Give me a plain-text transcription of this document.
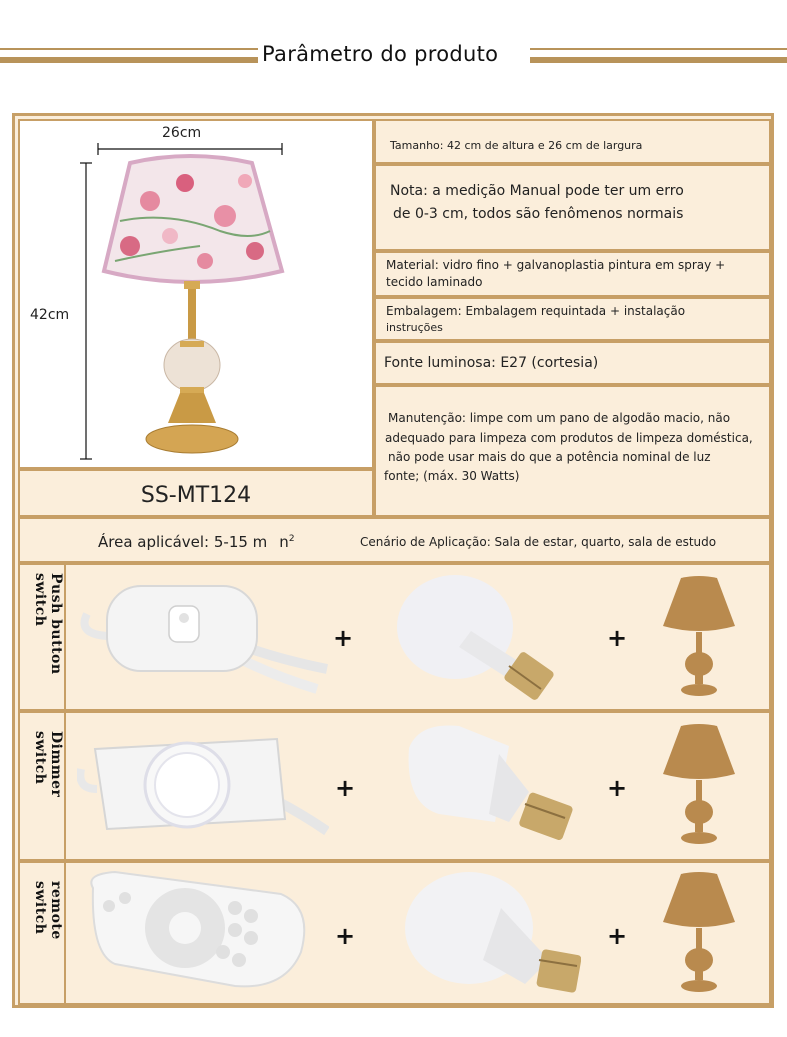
Parâmetro do produto
26cm
42cm
SS-MT124
Tamanho: 42 cm de altura e 26 cm de largura
Nota: a medição Manual pode ter um erro
de 0-3 cm, todos são fenômenos normais
Material: vidro fino + galvanoplastia pintura em spray +
tecido laminado
Embalagem: Embalagem requintada + instalação
instruções
Fonte luminosa: E27 (cortesia)
Manutenção: limpe com um pano de algodão macio, não
adequado para limpeza com produtos de limpeza doméstica,
não pode usar mais do que a potência nominal de luz
fonte; (máx. 30 Watts)
Área aplicável: 5-15 m $n^2$	Cenário de Aplicação: Sala de estar, quarto, sala de estudo
Push button switch
Dimmer switch
remote switch
+	+
+	+
+	+
